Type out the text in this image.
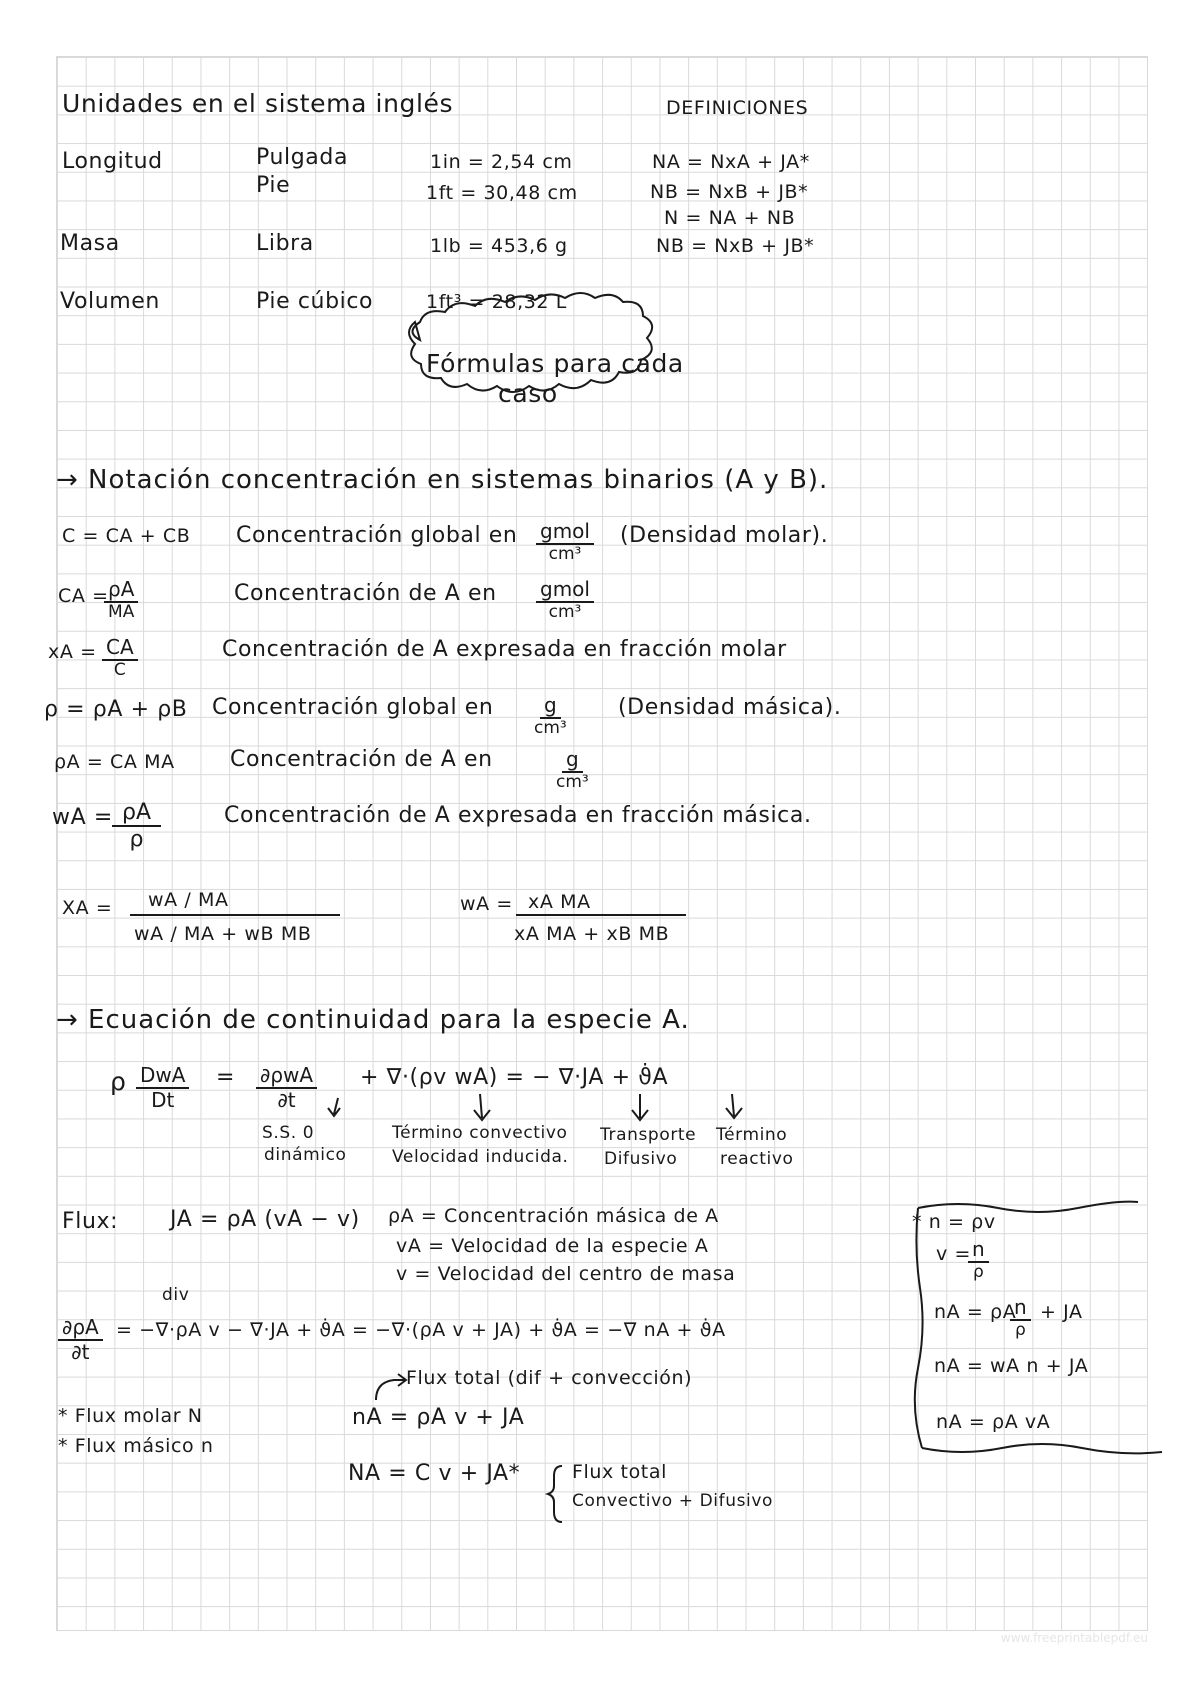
Unidades en el sistema inglés
Longitud	Pulgada	1in = 2,54 cm
Pie	1ft = 30,48 cm
Masa	Libra	1lb = 453,6 g
Volumen	Pie cúbico	1ft³ = 28,32 L
DEFINICIONES
NA = NxA + JA*
NB = NxB + JB*
N = NA + NB
NB = NxB + JB*
Fórmulas para cada
caso
→ Notación concentración en sistemas binarios (A y B).
C = CA + CB Concentración global en gmol
cm³
(Densidad molar).
CA =
$\frac{\rho A}{MA}$	Concentración de A en gmol
cm³
xA = $\frac{CA}{C}$	Concentración de A expresada en fracción molar
ρ = ρA + ρB Concentración global en $\frac{g}{\text{cm³}}$ (Densidad másica).
ρA = CA MA	Concentración de A en	$\frac{g}{\text{cm³}}$
wA = $\frac{\rho A}{\rho}$	Concentración de A expresada en fracción másica.
XA = wA / MA
wA / MA + wB MB
wA = xA MA
xA MA + xB MB
→ Ecuación de continuidad para la especie A.
ρ DwA
Dt
= ∂ρwA
∂t
+ ∇·(ρv wA) = − ∇·JA + ϑ̇A
S.S. 0
dinámico
Término convectivo
Velocidad inducida.
Transporte
Difusivo
Término
reactivo
Flux: JA = ρA (vA − v) ρA = Concentración másica de A
vA = Velocidad de la especie A
v = Velocidad del centro de masa
div
$\frac{\partial\rho A}{\partial t} = -\nabla\cdot\rho A$ v − ∇·JA + ϑ̇A = −∇·(ρA v + JA) + ϑ̇A = −∇ nA + ϑ̇A
Flux total (dif + convección)
* Flux molar N
* Flux másico n
nA = ρA v + JA
NA = C v + JA*	Flux total
Convectivo + Difusivo
* n = ρv
v =
$\frac{n}{\rho}$
nA = ρA
$\frac{n}{\rho}$ + JA
nA = wA n + JA
nA = ρA vA
www.freeprintablepdf.eu
